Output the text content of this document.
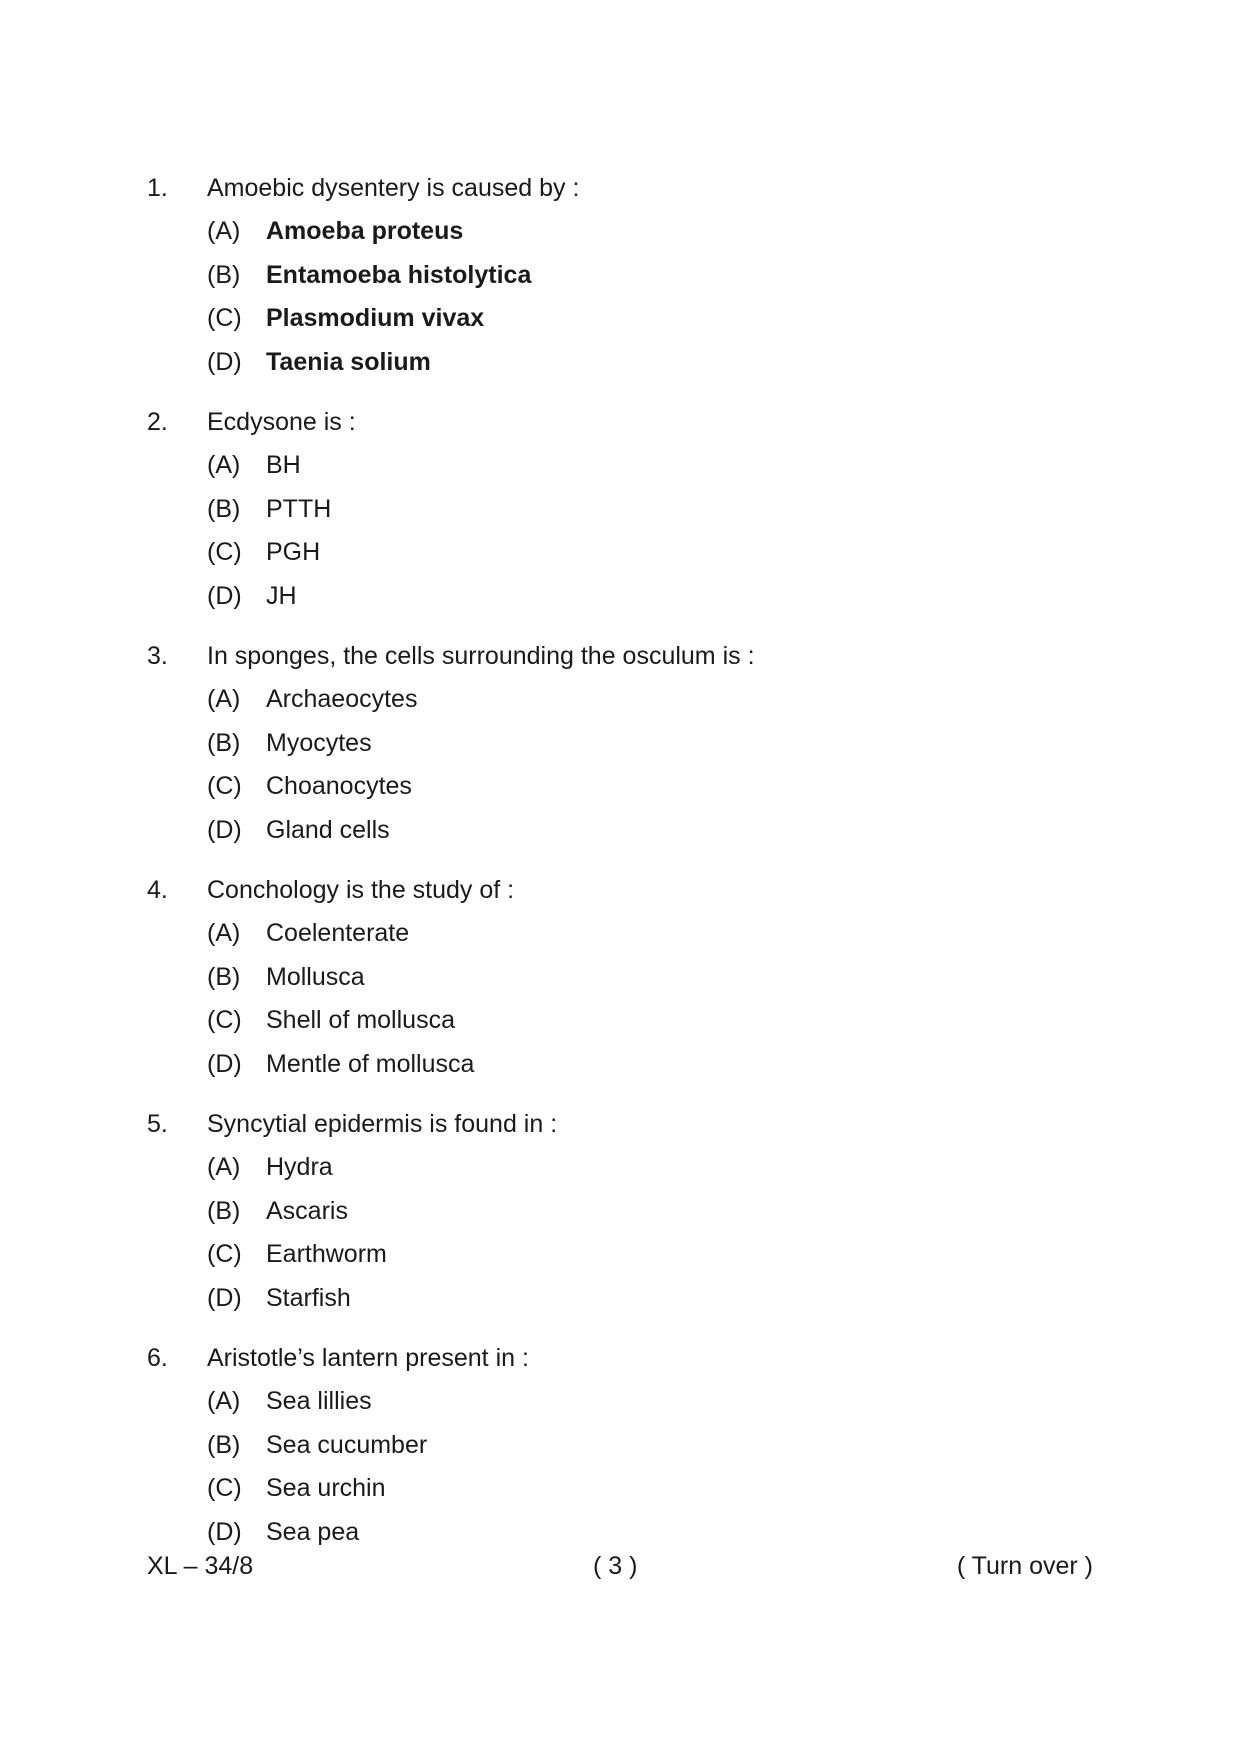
1.	Amoebic dysentery is caused by :
(A)	Amoeba proteus
(B)	Entamoeba histolytica
(C) Plasmodium vivax
(D) Taenia solium
2.	Ecdysone is :
(A)	BH
(B)	PTTH
(C) PGH
(D) JH
3.	In sponges, the cells surrounding the osculum is :
(A)	Archaeocytes
(B)	Myocytes
(C) Choanocytes
(D) Gland cells
4.	Conchology is the study of :
(A)	Coelenterate
(B)	Mollusca
(C) Shell of mollusca
(D) Mentle of mollusca
5.	Syncytial epidermis is found in :
(A)	Hydra
(B)	Ascaris
(C) Earthworm
(D) Starfish
6.	Aristotle’s lantern present in :
(A)	Sea lillies
(B)	Sea cucumber
(C) Sea urchin
(D) Sea pea
XL – 34/8	( 3 )	( Turn over )
